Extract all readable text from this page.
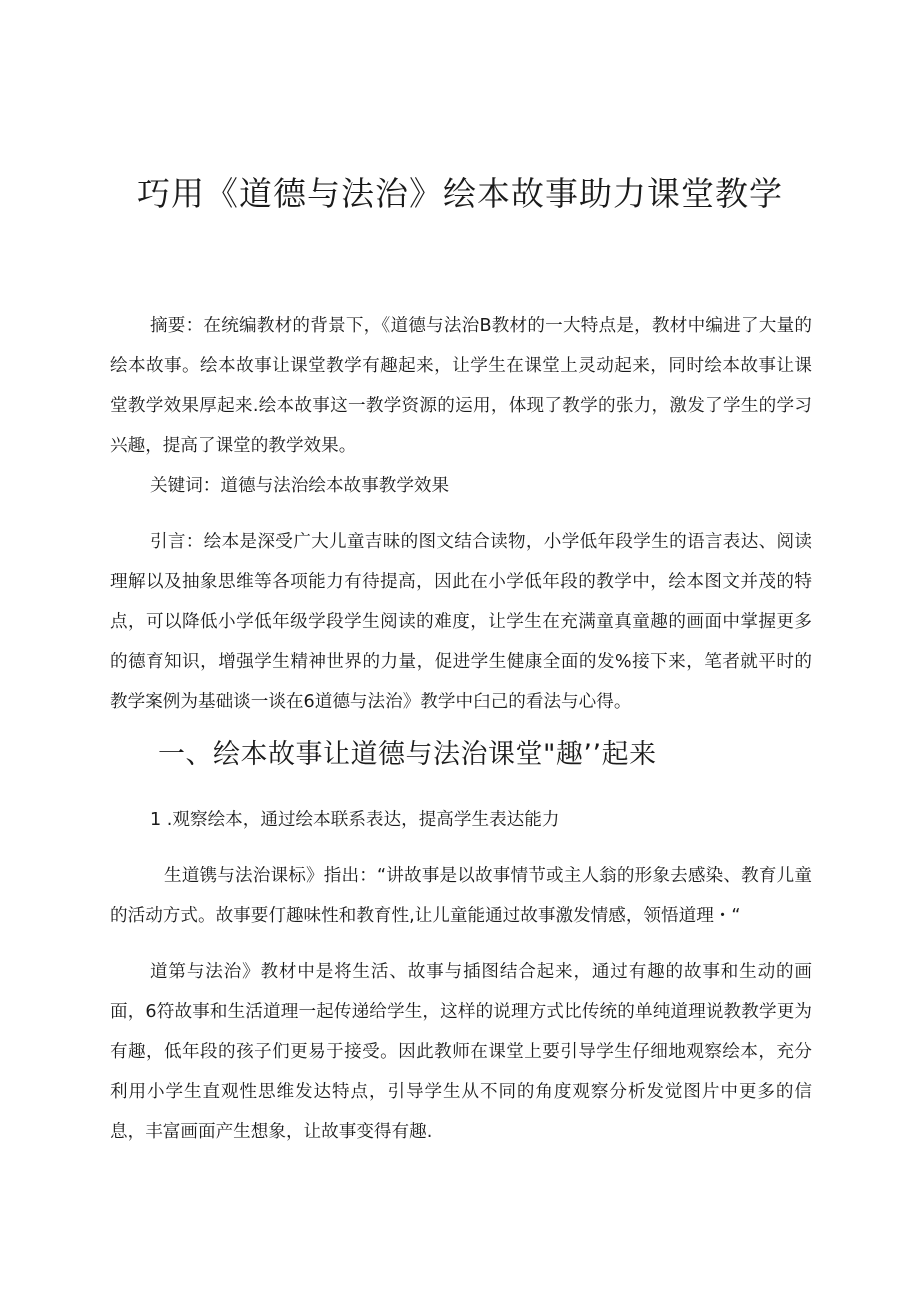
巧用《道德与法治》绘本故事助力课堂教学

摘要：在统编教材的背景下，《道德与法治B教材的一大特点是，教材中编进了大量的绘本故事。绘本故事让课堂教学有趣起来，让学生在课堂上灵动起来，同时绘本故事让课堂教学效果厚起来.绘本故事这一教学资源的运用，体现了教学的张力，激发了学生的学习兴趣，提高了课堂的教学效果。

关键词：道德与法治绘本故事教学效果

引言：绘本是深受广大儿童吉昧的图文结合读物，小学低年段学生的语言表达、阅读理解以及抽象思维等各项能力有待提高，因此在小学低年段的教学中，绘本图文并茂的特点，可以降低小学低年级学段学生阅读的难度，让学生在充满童真童趣的画面中掌握更多的德育知识，增强学生精神世界的力量，促进学生健康全面的发%接下来，笔者就平时的教学案例为基础谈一谈在6道德与法治》教学中臼己的看法与心得。

一、绘本故事让道德与法治课堂"趣’’起来

1 .观察绘本，通过绘本联系表达，提高学生表达能力

生道镌与法治课标》指出：“讲故事是以故事情节或主人翁的形象去感染、教育儿童的活动方式。故事要仃趣味性和教育性,让儿童能通过故事激发情感，领悟道理・“

道第与法治》教材中是将生活、故事与插图结合起来，通过有趣的故事和生动的画面，6符故事和生活道理一起传递给学生，这样的说理方式比传统的单纯道理说教教学更为有趣，低年段的孩子们更易于接受。因此教师在课堂上要引导学生仔细地观察绘本，充分利用小学生直观性思维发达特点，引导学生从不同的角度观察分析发觉图片中更多的信息，丰富画面产生想象，让故事变得有趣.
